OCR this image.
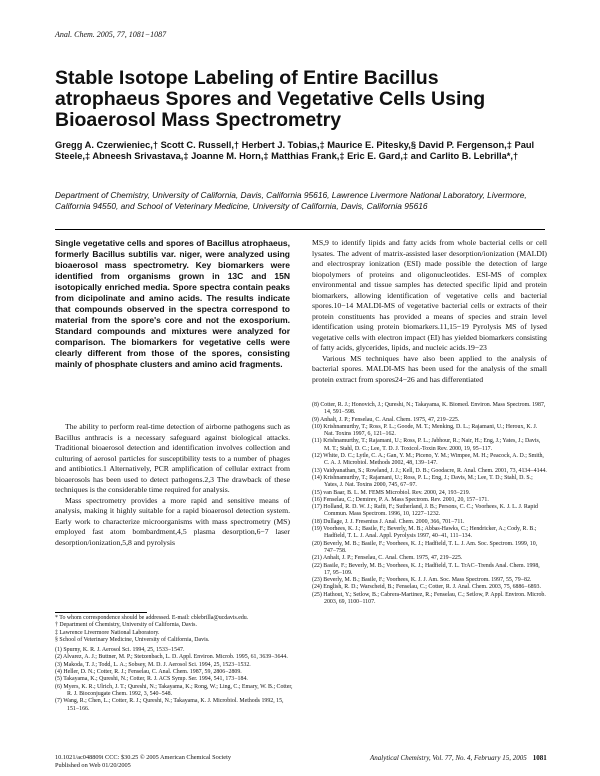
Anal. Chem. 2005, 77, 1081−1087
Stable Isotope Labeling of Entire Bacillus atrophaeus Spores and Vegetative Cells Using Bioaerosol Mass Spectrometry
Gregg A. Czerwieniec,† Scott C. Russell,† Herbert J. Tobias,‡ Maurice E. Pitesky,§ David P. Fergenson,‡ Paul Steele,‡ Abneesh Srivastava,‡ Joanne M. Horn,‡ Matthias Frank,‡ Eric E. Gard,‡ and Carlito B. Lebrilla*,†
Department of Chemistry, University of California, Davis, California 95616, Lawrence Livermore National Laboratory, Livermore, California 94550, and School of Veterinary Medicine, University of California, Davis, California 95616
Single vegetative cells and spores of Bacillus atrophaeus, formerly Bacillus subtilis var. niger, were analyzed using bioaerosol mass spectrometry. Key biomarkers were identified from organisms grown in 13C and 15N isotopically enriched media. Spore spectra contain peaks from dicipolinate and amino acids. The results indicate that compounds observed in the spectra correspond to material from the spore's core and not the exosporium. Standard compounds and mixtures were analyzed for comparison. The biomarkers for vegetative cells were clearly different from those of the spores, consisting mainly of phosphate clusters and amino acid fragments.

The ability to perform real-time detection of airborne pathogens such as Bacillus anthracis is a necessary safeguard against biological attacks. Traditional bioaerosol detection and identification involves collection and culturing of aerosol particles for susceptibility tests to a number of phages and antibiotics.1 Alternatively, PCR amplification of cellular extract from bioaerosols has been used to detect pathogens.2,3 The drawback of these techniques is the considerable time required for analysis.

Mass spectrometry provides a more rapid and sensitive means of analysis, making it highly suitable for a rapid bioaerosol detection system. Early work to characterize microorganisms with mass spectrometry (MS) employed fast atom bombardment,4,5 plasma desorption,6−7 laser desorption/ionization,5,8 and pyrolysis

* To whom correspondence should be addressed. E-mail: cblebrilla@ucdavis.edu.

† Department of Chemistry, University of California, Davis.

‡ Lawrence Livermore National Laboratory.

§ School of Veterinary Medicine, University of California, Davis.

(1) Spurny, K. R. J. Aerosol Sci. 1994, 25, 1533−1547.

(2) Alvarez, A. J.; Buttner, M. P.; Stetzenbach, L. D. Appl. Environ. Microb. 1995, 61, 3639−3644.

(3) Makoda, T. J.; Todd, L. A.; Sobsey, M. D. J. Aerosol Sci. 1994, 25, 1523−1532.

(4) Heller, D. N.; Cotter, R. J.; Fenselau, C. Anal. Chem. 1987, 59, 2806−2809.

(5) Takayama, K.; Qureshi, N.; Cotter, R. J. ACS Symp. Ser. 1994, 541, 173−184.

(6) Myers, K. R.; Ulrich, J. T.; Qureshi, N.; Takayama, K.; Rong, W.; Ling, C.; Emary, W. B.; Cotter, R. J. Bioconjugate Chem. 1992, 3, 540−548.

(7) Wang, R.; Chen, L.; Cotter, R. J.; Qureshi, N.; Takayama, K. J. Microbiol. Methods 1992, 15, 151−166.

MS,9 to identify lipids and fatty acids from whole bacterial cells or cell lysates. The advent of matrix-assisted laser desorption/ionization (MALDI) and electrospray ionization (ESI) made possible the detection of large biopolymers of proteins and oligonucleotides. ESI-MS of complex environmental and tissue samples has detected specific lipid and protein biomarkers, allowing identification of vegetative cells and bacterial spores.10−14 MALDI-MS of vegetative bacterial cells or extracts of their protein constituents has provided a means of species and strain level identification using protein biomarkers.11,15−19 Pyrolysis MS of lysed vegetative cells with electron impact (EI) has yielded biomarkers consisting of fatty acids, glycerides, lipids, and nucleic acids.19−23

Various MS techniques have also been applied to the analysis of bacterial spores. MALDI-MS has been used for the analysis of the small protein extract from spores24−26 and has differentiated

(8) Cotter, R. J.; Honovich, J.; Qureshi, N.; Takayama, K. Biomed. Environ. Mass Spectrom. 1987, 14, 591−598.

(9) Anhalt, J. P.; Fenselau, C. Anal. Chem. 1975, 47, 219−225.

(10) Krishnamurthy, T.; Ross, P. L.; Goode, M. T.; Menking, D. L.; Rajamani, U.; Heroux, K. J. Nat. Toxins 1997, 6, 121−162.

(11) Krishnamurthy, T.; Rajamani, U.; Ross, P. L.; Jabhour, R.; Nair, H.; Eng, J.; Yates, J.; Davis, M. T.; Stahl, D. C.; Lee, T. D. J. Toxicol.-Toxin Rev. 2000, 19, 95−117.

(12) White, D. C.; Lytle, C. A.; Gan, Y. M.; Piceno, Y. M.; Wimpee, M. H.; Peacock, A. D.; Smith, C. A. J. Microbiol. Methods 2002, 48, 139−147.

(13) Vaidyanathan, S.; Rowland, J. J.; Kell, D. B.; Goodacre, R. Anal. Chem. 2001, 73, 4134−4144.

(14) Krishnamurthy, T.; Rajamani, U.; Ross, P. L.; Eng, J.; Davis, M.; Lee, T. D.; Stahl, D. S.; Yates, J. Nat. Toxins 2000, 745, 67−97.

(15) van Baar, B. L. M. FEMS Microbiol. Rev. 2000, 24, 193−219.

(16) Fenselau, C.; Demirev, P. A. Mass Spectrom. Rev. 2001, 20, 157−171.

(17) Holland, R. D. W. J.; Rafii, F.; Sutherland, J. B.; Persons, C. C.; Voorhees, K. J. L. J. Rapid Commun. Mass Spectrom. 1996, 10, 1227−1232.

(18) Dullage, J. J. Fresenius J. Anal. Chem. 2000, 366, 701−711.

(19) Voorhees, K. J.; Basile, F.; Beverly, M. B.; Abbas-Hawks, C.; Hendricker, A.; Cody, R. B.; Hadfield, T. L. J. Anal. Appl. Pyrolysis 1997, 40−41, 111−134.

(20) Beverly, M. B.; Basile, F.; Voorhees, K. J.; Hadfield, T. L. J. Am. Soc. Spectrom. 1999, 10, 747−758.

(21) Anhalt, J. P.; Fenselau, C. Anal. Chem. 1975, 47, 219−225.

(22) Basile, F.; Beverly, M. B.; Voorhees, K. J.; Hadfield, T. L. TrAC−Trends Anal. Chem. 1998, 17, 95−109.

(23) Beverly, M. B.; Basile, F.; Voorhees, K. J. J. Am. Soc. Mass Spectrom. 1997, 55, 79−82.

(24) English, R. D.; Warscheid, B.; Fenselau, C.; Cotter, R. J. Anal. Chem. 2003, 75, 6886−6893.

(25) Hathout, Y.; Setlow, B.; Cabrera-Martinez, R.; Fenselau, C.; Setlow, P. Appl. Environ. Microb. 2003, 69, 1100−1107.

10.1021/ac048809i CCC: $30.25 © 2005 American Chemical Society
Published on Web 01/20/2005
Analytical Chemistry, Vol. 77, No. 4, February 15, 2005 1081
